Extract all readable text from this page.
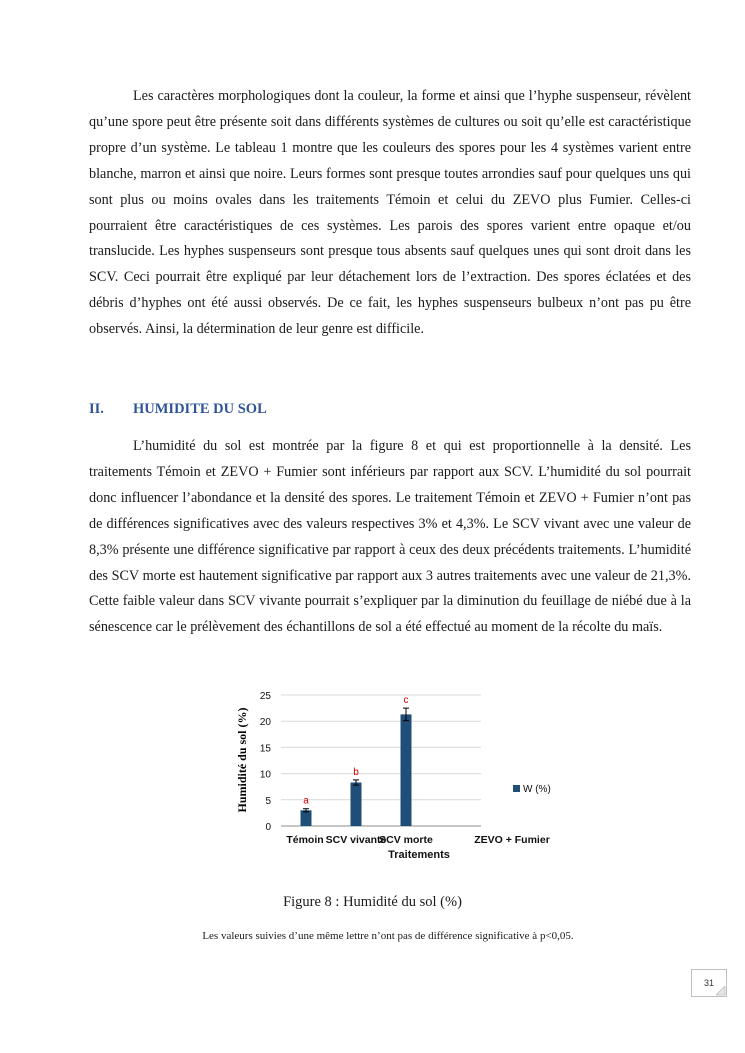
Les caractères morphologiques dont la couleur, la forme et ainsi que l’hyphe suspenseur, révèlent qu’une spore peut être présente soit dans différents systèmes de cultures ou soit qu’elle est caractéristique propre d’un système. Le tableau 1 montre que les couleurs des spores pour les 4 systèmes varient entre blanche, marron et ainsi que noire. Leurs formes sont presque toutes arrondies sauf pour quelques uns qui sont plus ou moins ovales dans les traitements Témoin et celui du ZEVO plus Fumier. Celles-ci pourraient être caractéristiques de ces systèmes. Les parois des spores varient entre opaque et/ou translucide. Les hyphes suspenseurs sont presque tous absents sauf quelques unes qui sont droit dans les SCV. Ceci pourrait être expliqué par leur détachement lors de l’extraction. Des spores éclatées et des débris d’hyphes ont été aussi observés. De ce fait, les hyphes suspenseurs bulbeux n’ont pas pu être observés. Ainsi, la détermination de leur genre est difficile.

II. HUMIDITE DU SOL

L’humidité du sol est montrée par la figure 8 et qui est proportionnelle à la densité. Les traitements Témoin et ZEVO + Fumier sont inférieurs par rapport aux SCV. L’humidité du sol pourrait donc influencer l’abondance et la densité des spores. Le traitement Témoin et ZEVO + Fumier n’ont pas de différences significatives avec des valeurs respectives 3% et 4,3%. Le SCV vivant avec une valeur de 8,3% présente une différence significative par rapport à ceux des deux précédents traitements. L’humidité des SCV morte est hautement significative par rapport aux 3 autres traitements avec une valeur de 21,3%. Cette faible valeur dans SCV vivante pourrait s’expliquer par la diminution du feuillage de niébé due à la sénescence car le prélèvement des échantillons de sol a été effectué au moment de la récolte du maïs.

0
5
10
15
20
25
a
b
c
Témoin SCV vivante
SCV morte	ZEVO + Fumier
Humidité du sol (%)
Traitements
W (%)

Figure 8 : Humidité du sol (%)

Les valeurs suivies d’une même lettre n’ont pas de différence significative à p<0,05.

31
